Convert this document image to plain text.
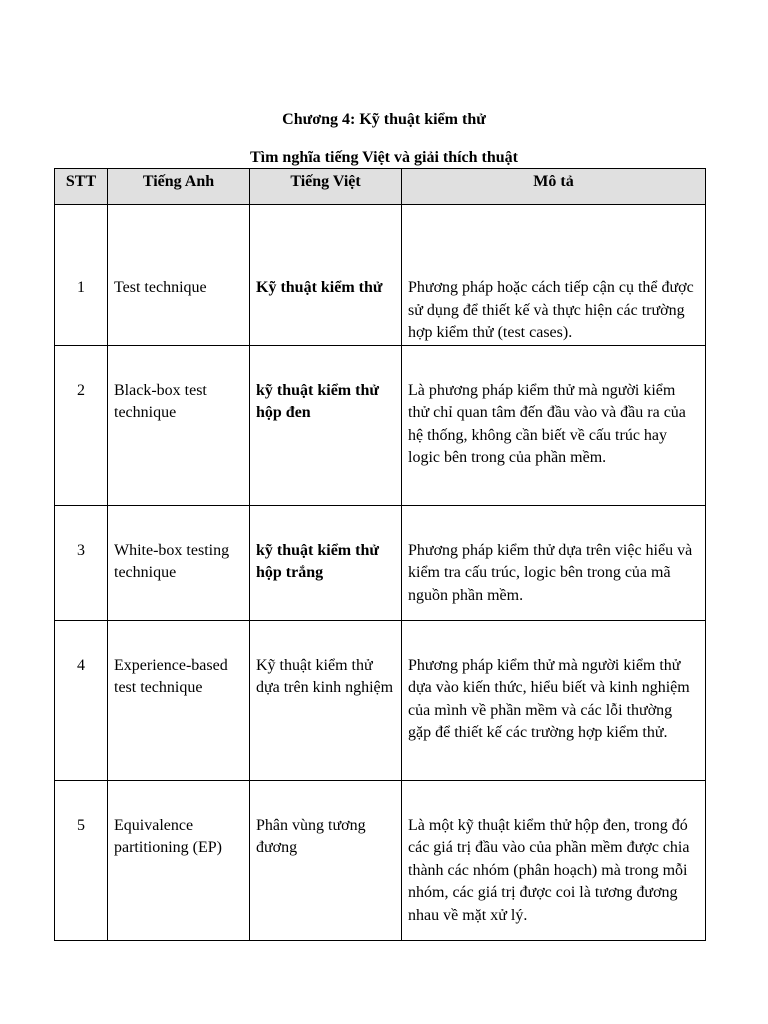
Chương 4: Kỹ thuật kiểm thử
Tìm nghĩa tiếng Việt và giải thích thuật
STT	Tiếng Anh	Tiếng Việt	Mô tả

1	Test technique	Kỹ thuật kiểm thử	Phương pháp hoặc cách tiếp cận cụ thể được sử dụng để thiết kế và thực hiện các trường hợp kiểm thử (test cases).

2	Black-box test technique	kỹ thuật kiểm thử hộp đen	Là phương pháp kiểm thử mà người kiểm thử chỉ quan tâm đến đầu vào và đầu ra của hệ thống, không cần biết về cấu trúc hay logic bên trong của phần mềm.

3	White-box testing technique	kỹ thuật kiểm thử hộp trắng	Phương pháp kiểm thử dựa trên việc hiểu và kiểm tra cấu trúc, logic bên trong của mã nguồn phần mềm.

4	Experience-based test technique	Kỹ thuật kiểm thử dựa trên kinh nghiệm	Phương pháp kiểm thử mà người kiểm thử dựa vào kiến thức, hiểu biết và kinh nghiệm của mình về phần mềm và các lỗi thường gặp để thiết kế các trường hợp kiểm thử.

5	Equivalence partitioning (EP)	Phân vùng tương đương	Là một kỹ thuật kiểm thử hộp đen, trong đó các giá trị đầu vào của phần mềm được chia thành các nhóm (phân hoạch) mà trong mỗi nhóm, các giá trị được coi là tương đương nhau về mặt xử lý.
